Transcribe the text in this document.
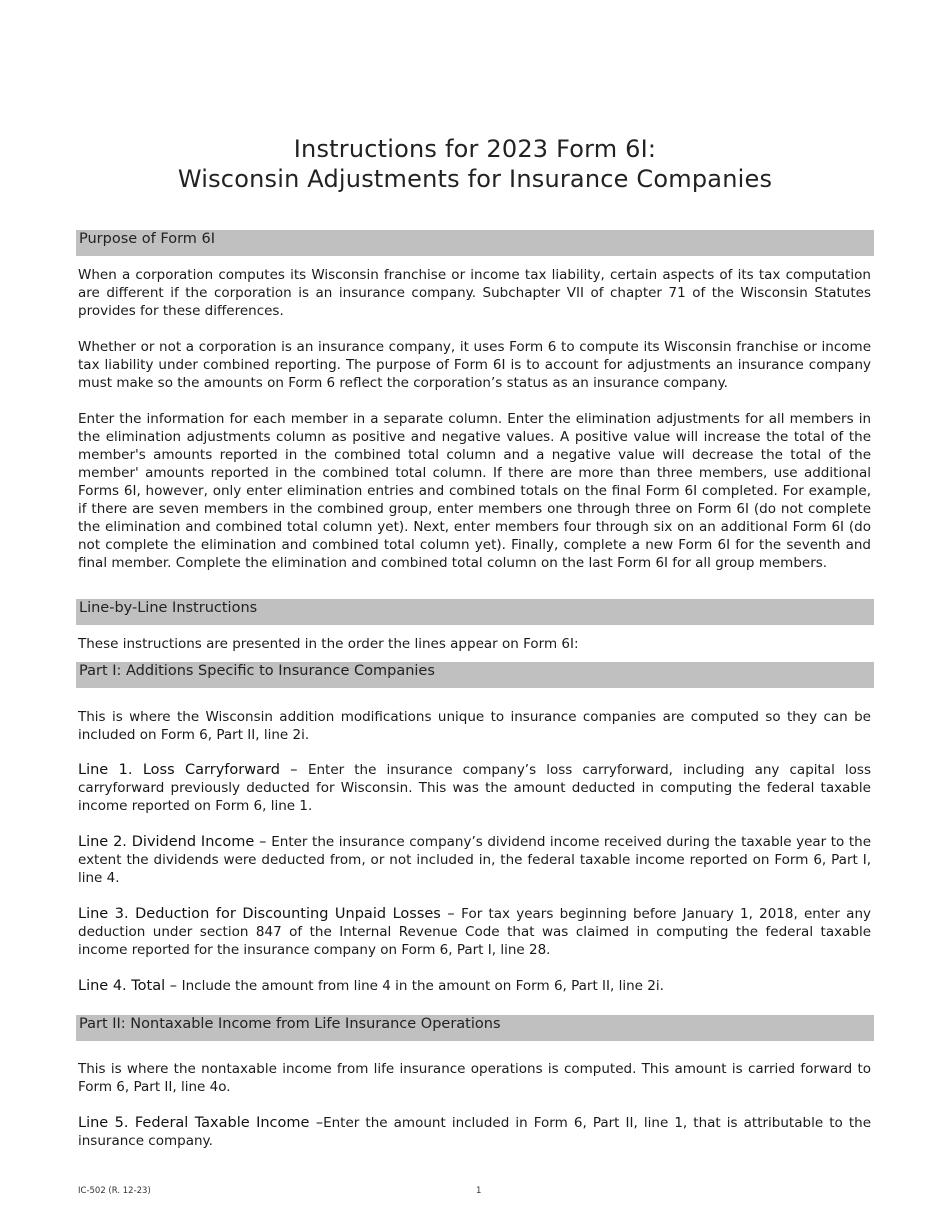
Instructions for 2023 Form 6I:
Wisconsin Adjustments for Insurance Companies
Purpose of Form 6I
When a corporation computes its Wisconsin franchise or income tax liability, certain aspects of its tax computation are different if the corporation is an insurance company. Subchapter VII of chapter 71 of the Wisconsin Statutes provides for these differences.
Whether or not a corporation is an insurance company, it uses Form 6 to compute its Wisconsin franchise or income tax liability under combined reporting. The purpose of Form 6I is to account for adjustments an insurance company must make so the amounts on Form 6 reflect the corporation’s status as an insurance company.
Enter the information for each member in a separate column. Enter the elimination adjustments for all members in the elimination adjustments column as positive and negative values. A positive value will increase the total of the member's amounts reported in the combined total column and a negative value will decrease the total of the member' amounts reported in the combined total column. If there are more than three members, use additional Forms 6I, however, only enter elimination entries and combined totals on the final Form 6I completed. For example, if there are seven members in the combined group, enter members one through three on Form 6I (do not complete the elimination and combined total column yet). Next, enter members four through six on an additional Form 6I (do not complete the elimination and combined total column yet). Finally, complete a new Form 6I for the seventh and final member. Complete the elimination and combined total column on the last Form 6I for all group members.
Line-by-Line Instructions
These instructions are presented in the order the lines appear on Form 6I:
Part I: Additions Specific to Insurance Companies
This is where the Wisconsin addition modifications unique to insurance companies are computed so they can be included on Form 6, Part II, line 2i.
Line 1. Loss Carryforward – Enter the insurance company’s loss carryforward, including any capital loss carryforward previously deducted for Wisconsin. This was the amount deducted in computing the federal taxable income reported on Form 6, line 1.
Line 2. Dividend Income – Enter the insurance company’s dividend income received during the taxable year to the extent the dividends were deducted from, or not included in, the federal taxable income reported on Form 6, Part I, line 4.
Line 3. Deduction for Discounting Unpaid Losses – For tax years beginning before January 1, 2018, enter any deduction under section 847 of the Internal Revenue Code that was claimed in computing the federal taxable income reported for the insurance company on Form 6, Part I, line 28.
Line 4. Total – Include the amount from line 4 in the amount on Form 6, Part II, line 2i.
Part II: Nontaxable Income from Life Insurance Operations
This is where the nontaxable income from life insurance operations is computed. This amount is carried forward to Form 6, Part II, line 4o.
Line 5. Federal Taxable Income –Enter the amount included in Form 6, Part II, line 1, that is attributable to the insurance company.
IC-502 (R. 12-23)	1
